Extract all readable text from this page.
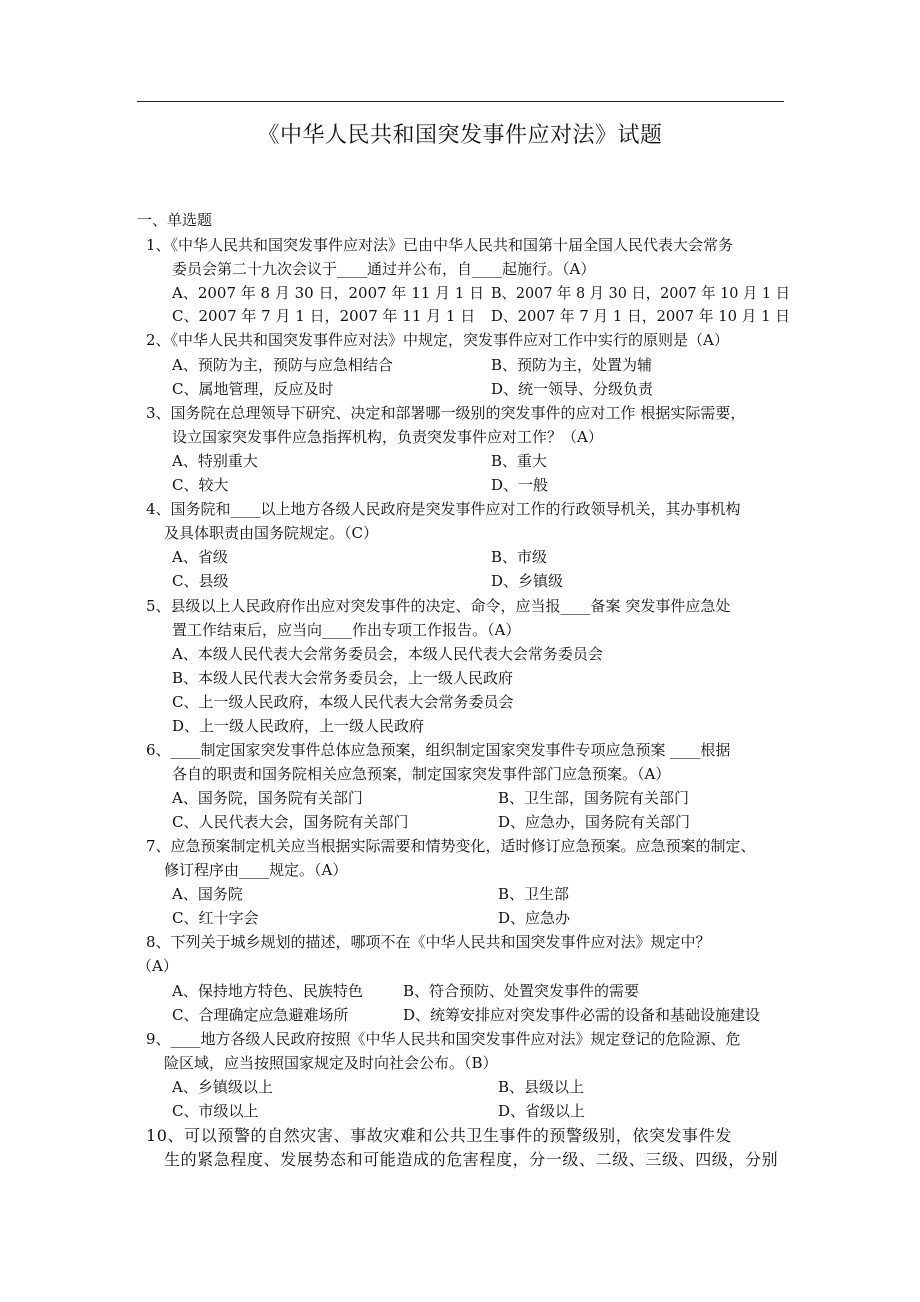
《中华人民共和国突发事件应对法》试题
一、单选题
1、《中华人民共和国突发事件应对法》已由中华人民共和国第十届全国人民代表大会常务
委员会第二十九次会议于____通过并公布，自____起施行。（A）
A、2007 年 8 月 30 日，2007 年 11 月 1 日 B、2007 年 8 月 30 日，2007 年 10 月 1 日
C、2007 年 7 月 1 日，2007 年 11 月 1 日 D、2007 年 7 月 1 日，2007 年 10 月 1 日
2、《中华人民共和国突发事件应对法》中规定，突发事件应对工作中实行的原则是（A）
A、预防为主，预防与应急相结合	B、预防为主，处置为辅
C、属地管理，反应及时	D、统一领导、分级负责
3、国务院在总理领导下研究、决定和部署哪一级别的突发事件的应对工作 根据实际需要，
设立国家突发事件应急指挥机构，负责突发事件应对工作？（A）
A、特别重大	B、重大
C、较大	D、一般
4、国务院和____以上地方各级人民政府是突发事件应对工作的行政领导机关，其办事机构
及具体职责由国务院规定。（C）
A、省级	B、市级
C、县级	D、乡镇级
5、县级以上人民政府作出应对突发事件的决定、命令，应当报____备案 突发事件应急处
置工作结束后，应当向____作出专项工作报告。（A）
A、本级人民代表大会常务委员会，本级人民代表大会常务委员会
B、本级人民代表大会常务委员会，上一级人民政府
C、上一级人民政府，本级人民代表大会常务委员会
D、上一级人民政府，上一级人民政府
6、____制定国家突发事件总体应急预案，组织制定国家突发事件专项应急预案 ____根据
各自的职责和国务院相关应急预案，制定国家突发事件部门应急预案。（A）
A、国务院，国务院有关部门	B、卫生部，国务院有关部门
C、人民代表大会，国务院有关部门	D、应急办，国务院有关部门
7、应急预案制定机关应当根据实际需要和情势变化，适时修订应急预案。应急预案的制定、
修订程序由____规定。（A）
A、国务院	B、卫生部
C、红十字会	D、应急办
8、下列关于城乡规划的描述，哪项不在《中华人民共和国突发事件应对法》规定中？
（A）
A、保持地方特色、民族特色	B、符合预防、处置突发事件的需要
C、合理确定应急避难场所	D、统筹安排应对突发事件必需的设备和基础设施建设
9、____地方各级人民政府按照《中华人民共和国突发事件应对法》规定登记的危险源、危
险区域，应当按照国家规定及时向社会公布。（B）
A、乡镇级以上	B、县级以上
C、市级以上	D、省级以上
10、可以预警的自然灾害、事故灾难和公共卫生事件的预警级别，依突发事件发
生的紧急程度、发展势态和可能造成的危害程度，分一级、二级、三级、四级，分别
